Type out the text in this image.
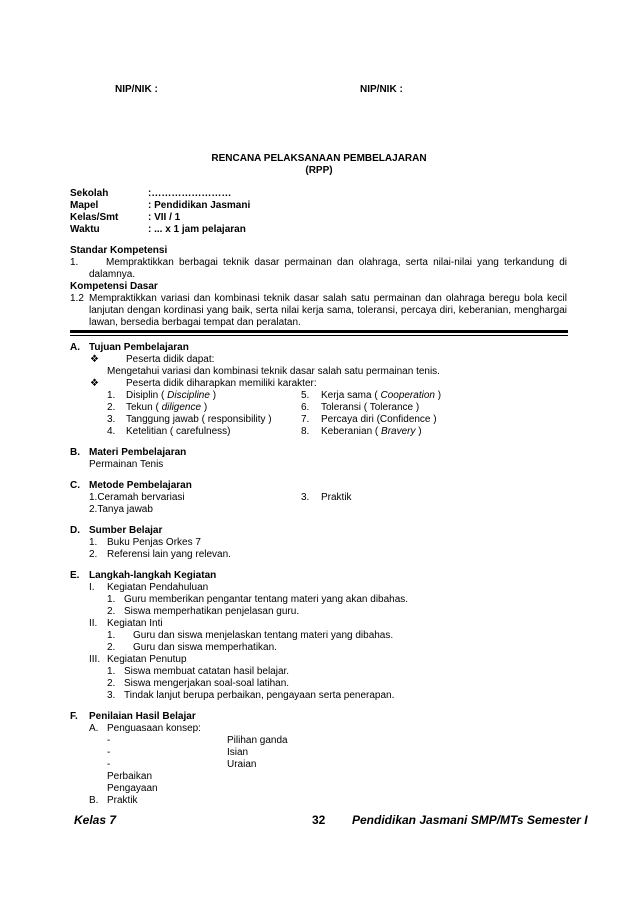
NIP/NIK :	NIP/NIK :
RENCANA PELAKSANAAN PEMBELAJARAN
(RPP)
Sekolah	:……………………
Mapel	: Pendidikan Jasmani
Kelas/Smt	: VII / 1
Waktu	: ... x 1 jam pelajaran
Standar Kompetensi
1.	Mempraktikkan berbagai teknik dasar permainan dan olahraga, serta nilai-nilai yang terkandung di
dalamnya.
Kompetensi Dasar
1.2 Mempraktikkan variasi dan kombinasi teknik dasar salah satu permainan dan olahraga beregu bola kecil
lanjutan dengan kordinasi yang baik, serta nilai kerja sama, toleransi, percaya diri, keberanian, menghargai
lawan, bersedia berbagai tempat dan peralatan.
A. Tujuan Pembelajaran
❖	Peserta didik dapat:
Mengetahui variasi dan kombinasi teknik dasar salah satu permainan tenis.
❖	Peserta didik diharapkan memiliki karakter:
1. Disiplin ( Discipline )
2. Tekun ( diligence )
3. Tanggung jawab ( responsibility )
4. Ketelitian ( carefulness)
5. Kerja sama ( Cooperation )
6. Toleransi ( Tolerance )
7. Percaya diri (Confidence )
8. Keberanian ( Bravery )
B. Materi Pembelajaran
Permainan Tenis
C. Metode Pembelajaran
1.Ceramah bervariasi	3. Praktik
2.Tanya jawab
D. Sumber Belajar
1. Buku Penjas Orkes 7
2. Referensi lain yang relevan.
E. Langkah-langkah Kegiatan
I. Kegiatan Pendahuluan
1. Guru memberikan pengantar tentang materi yang akan dibahas.
2. Siswa memperhatikan penjelasan guru.
II. Kegiatan Inti
1. Guru dan siswa menjelaskan tentang materi yang dibahas.
2. Guru dan siswa memperhatikan.
III. Kegiatan Penutup
1. Siswa membuat catatan hasil belajar.
2. Siswa mengerjakan soal-soal latihan.
3. Tindak lanjut berupa perbaikan, pengayaan serta penerapan.
F. Penilaian Hasil Belajar
A. Penguasaan konsep:
-	Pilihan ganda
-	Isian
-	Uraian
Perbaikan
Pengayaan
B. Praktik
Kelas 7	32 Pendidikan Jasmani SMP/MTs Semester I
